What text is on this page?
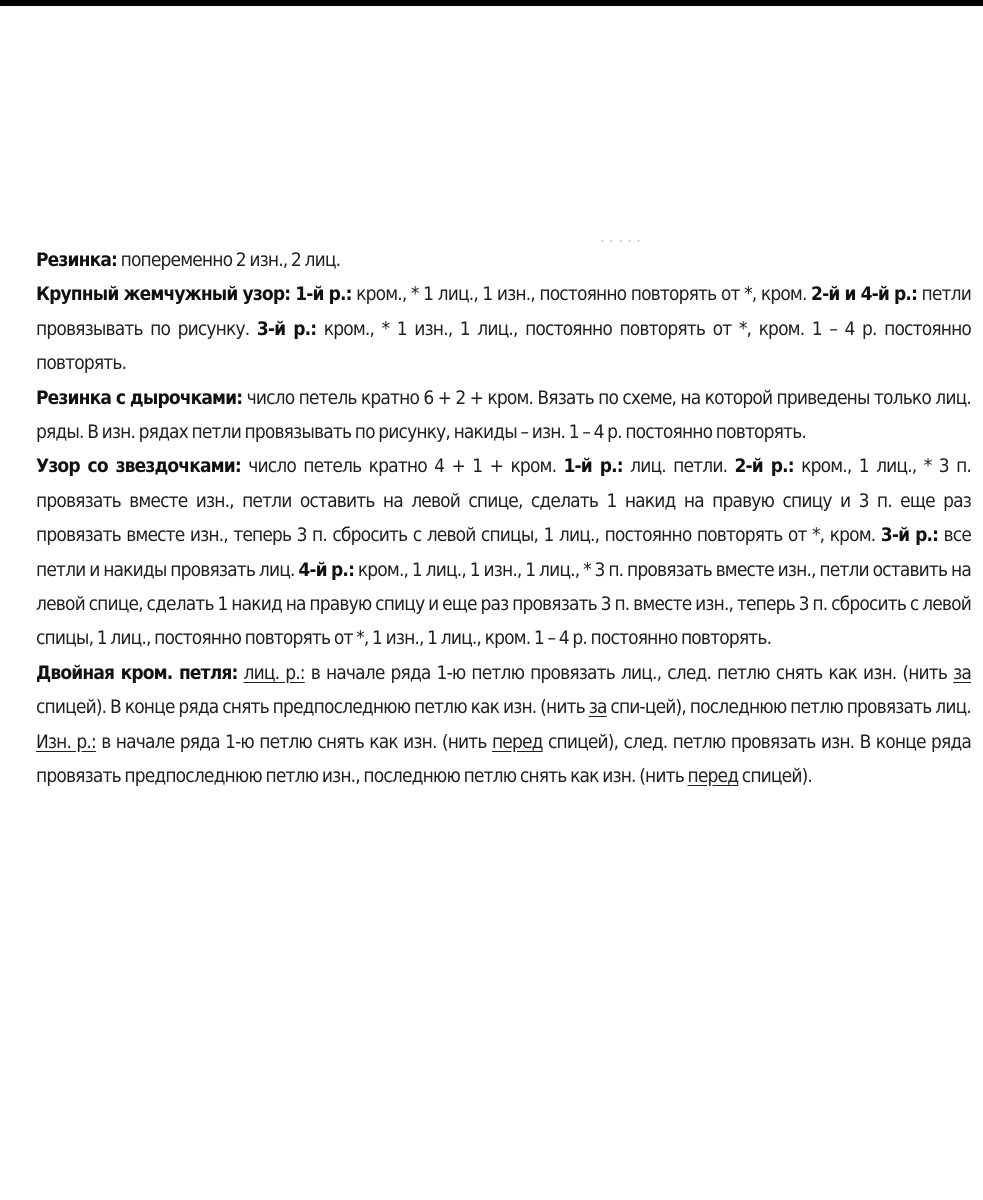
Резинка: попеременно 2 изн., 2 лиц.

Крупный жемчужный узор: 1-й р.: кром., * 1 лиц., 1 изн., постоянно повторять от *, кром. 2-й и 4-й р.: петли провязывать по рисунку. 3-й р.: кром., * 1 изн., 1 лиц., постоянно повторять от *, кром. 1 – 4 р. постоянно повторять.

Резинка с дырочками: число петель кратно 6 + 2 + кром. Вязать по схеме, на которой приведены только лиц. ряды. В изн. рядах петли провязывать по рисунку, накиды – изн. 1 – 4 р. постоянно повторять.

Узор со звездочками: число петель кратно 4 + 1 + кром. 1-й р.: лиц. петли. 2-й р.: кром., 1 лиц., * 3 п. провязать вместе изн., петли оставить на левой спице, сделать 1 накид на правую спицу и 3 п. еще раз провязать вместе изн., теперь 3 п. сбросить с левой спицы, 1 лиц., постоянно повторять от *, кром. 3-й р.: все петли и накиды провязать лиц. 4-й р.: кром., 1 лиц., 1 изн., 1 лиц., * 3 п. провязать вместе изн., петли оставить на левой спице, сделать 1 накид на правую спицу и еще раз провязать 3 п. вместе изн., теперь 3 п. сбросить с левой спицы, 1 лиц., постоянно повторять от *, 1 изн., 1 лиц., кром. 1 – 4 р. постоянно повторять.

Двойная кром. петля: лиц. р.: в начале ряда 1-ю петлю провязать лиц., след. петлю снять как изн. (нить за спицей). В конце ряда снять предпоследнюю петлю как изн. (нить за спи-цей), последнюю петлю провязать лиц. Изн. р.: в начале ряда 1-ю петлю снять как изн. (нить перед спицей), след. петлю провязать изн. В конце ряда провязать предпоследнюю петлю изн., последнюю петлю снять как изн. (нить перед спицей).
